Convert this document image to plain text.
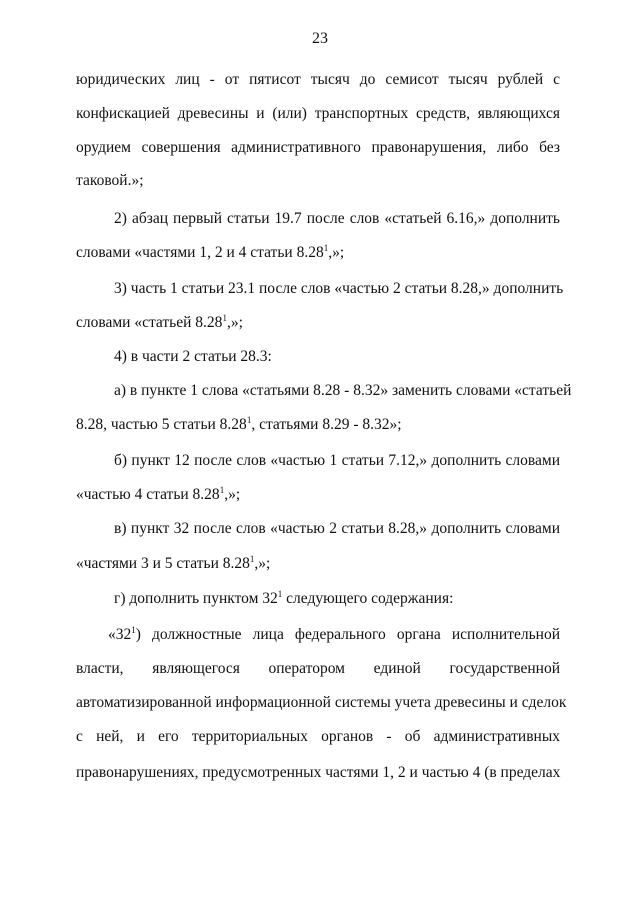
23
юридических лиц - от пятисот тысяч до семисот тысяч рублей с
конфискацией древесины и (или) транспортных средств, являющихся
орудием совершения административного правонарушения, либо без
таковой.»;
2) абзац первый статьи 19.7 после слов «статьей 6.16,» дополнить
словами «частями 1, 2 и 4 статьи 8.28$^1$,»;
3) часть 1 статьи 23.1 после слов «частью 2 статьи 8.28,» дополнить
словами «статьей 8.28$^1$,»;
4) в части 2 статьи 28.3:
а) в пункте 1 слова «статьями 8.28 - 8.32» заменить словами «статьей
8.28, частью 5 статьи 8.28$^1$, статьями 8.29 - 8.32»;
б) пункт 12 после слов «частью 1 статьи 7.12,» дополнить словами
«частью 4 статьи 8.28$^1$,»;
в) пункт 32 после слов «частью 2 статьи 8.28,» дополнить словами
«частями 3 и 5 статьи 8.28$^1$,»;
г) дополнить пунктом $32^1$ следующего содержания:
«$32^1$) должностные лица федерального органа исполнительной
власти, являющегося оператором единой государственной
автоматизированной информационной системы учета древесины и сделок
с ней, и его территориальных органов - об административных
правонарушениях, предусмотренных частями 1, 2 и частью 4 (в пределах
